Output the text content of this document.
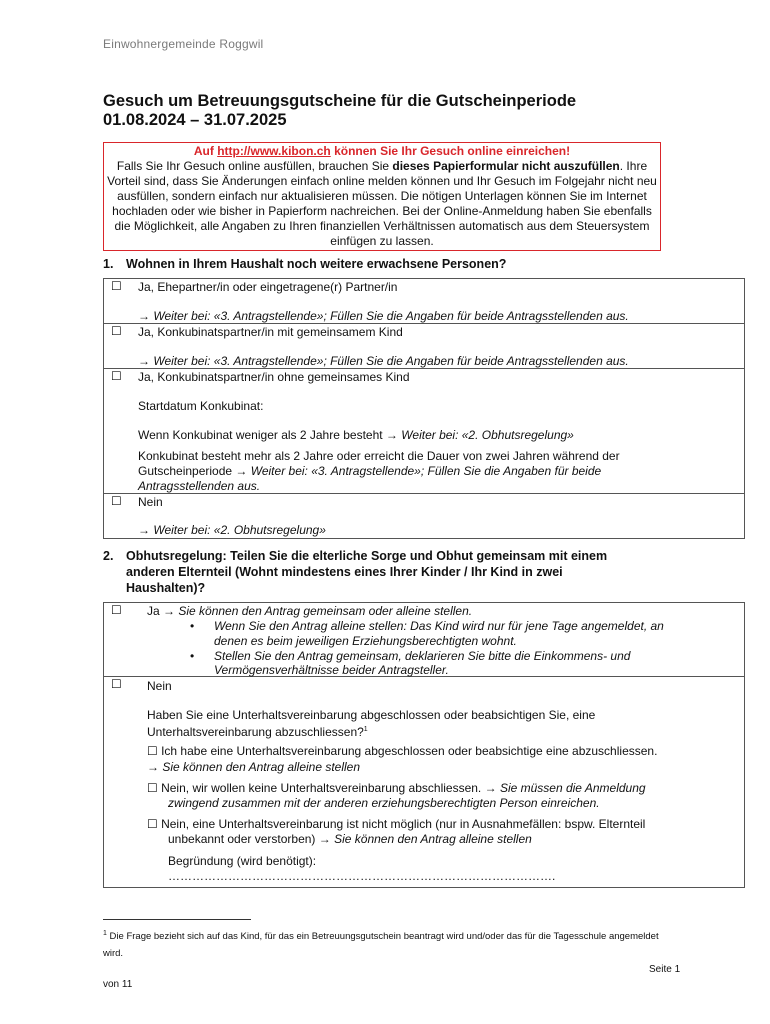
Einwohnergemeinde Roggwil
Gesuch um Betreuungsgutscheine für die Gutscheinperiode
01.08.2024 – 31.07.2025
Auf http://www.kibon.ch können Sie Ihr Gesuch online einreichen!
Falls Sie Ihr Gesuch online ausfüllen, brauchen Sie dieses Papierformular nicht auszufüllen. Ihre Vorteil sind, dass Sie Änderungen einfach online melden können und Ihr Gesuch im Folgejahr nicht neu ausfüllen, sondern einfach nur aktualisieren müssen. Die nötigen Unterlagen können Sie im Internet hochladen oder wie bisher in Papierform nachreichen. Bei der Online-Anmeldung haben Sie ebenfalls die Möglichkeit, alle Angaben zu Ihren finanziellen Verhältnissen automatisch aus dem Steuersystem einfügen zu lassen.
1. Wohnen in Ihrem Haushalt noch weitere erwachsene Personen?
☐ Ja, Ehepartner/in oder eingetragene(r) Partner/in
→ Weiter bei: «3. Antragstellende»; Füllen Sie die Angaben für beide Antragsstellenden aus.

☐ Ja, Konkubinatspartner/in mit gemeinsamem Kind
→ Weiter bei: «3. Antragstellende»; Füllen Sie die Angaben für beide Antragsstellenden aus.

☐ Ja, Konkubinatspartner/in ohne gemeinsames Kind
Startdatum Konkubinat:
Wenn Konkubinat weniger als 2 Jahre besteht → Weiter bei: «2. Obhutsregelung»
Konkubinat besteht mehr als 2 Jahre oder erreicht die Dauer von zwei Jahren während der
Gutscheinperiode → Weiter bei: «3. Antragstellende»; Füllen Sie die Angaben für beide
Antragsstellenden aus.

☐ Nein
→ Weiter bei: «2. Obhutsregelung»
2. Obhutsregelung: Teilen Sie die elterliche Sorge und Obhut gemeinsam mit einem
anderen Elternteil (Wohnt mindestens eines Ihrer Kinder / Ihr Kind in zwei
Haushalten)?
☐ Ja → Sie können den Antrag gemeinsam oder alleine stellen.
• Wenn Sie den Antrag alleine stellen: Das Kind wird nur für jene Tage angemeldet, an
denen es beim jeweiligen Erziehungsberechtigten wohnt.
• Stellen Sie den Antrag gemeinsam, deklarieren Sie bitte die Einkommens- und
Vermögensverhältnisse beider Antragsteller.

☐ Nein
Haben Sie eine Unterhaltsvereinbarung abgeschlossen oder beabsichtigen Sie, eine
Unterhaltsvereinbarung abzuschliessen?$^1$
☐ Ich habe eine Unterhaltsvereinbarung abgeschlossen oder beabsichtige eine abzuschliessen.
→ Sie können den Antrag alleine stellen
☐ Nein, wir wollen keine Unterhaltsvereinbarung abschliessen. → Sie müssen die Anmeldung
zwingend zusammen mit der anderen erziehungsberechtigten Person einreichen.
☐ Nein, eine Unterhaltsvereinbarung ist nicht möglich (nur in Ausnahmefällen: bspw. Elternteil
unbekannt oder verstorben) → Sie können den Antrag alleine stellen
Begründung (wird benötigt):
…………………………………………………………………………………….
$^1$ Die Frage bezieht sich auf das Kind, für das ein Betreuungsgutschein beantragt wird und/oder das für die Tagesschule angemeldet wird.
Seite 1
von 11
